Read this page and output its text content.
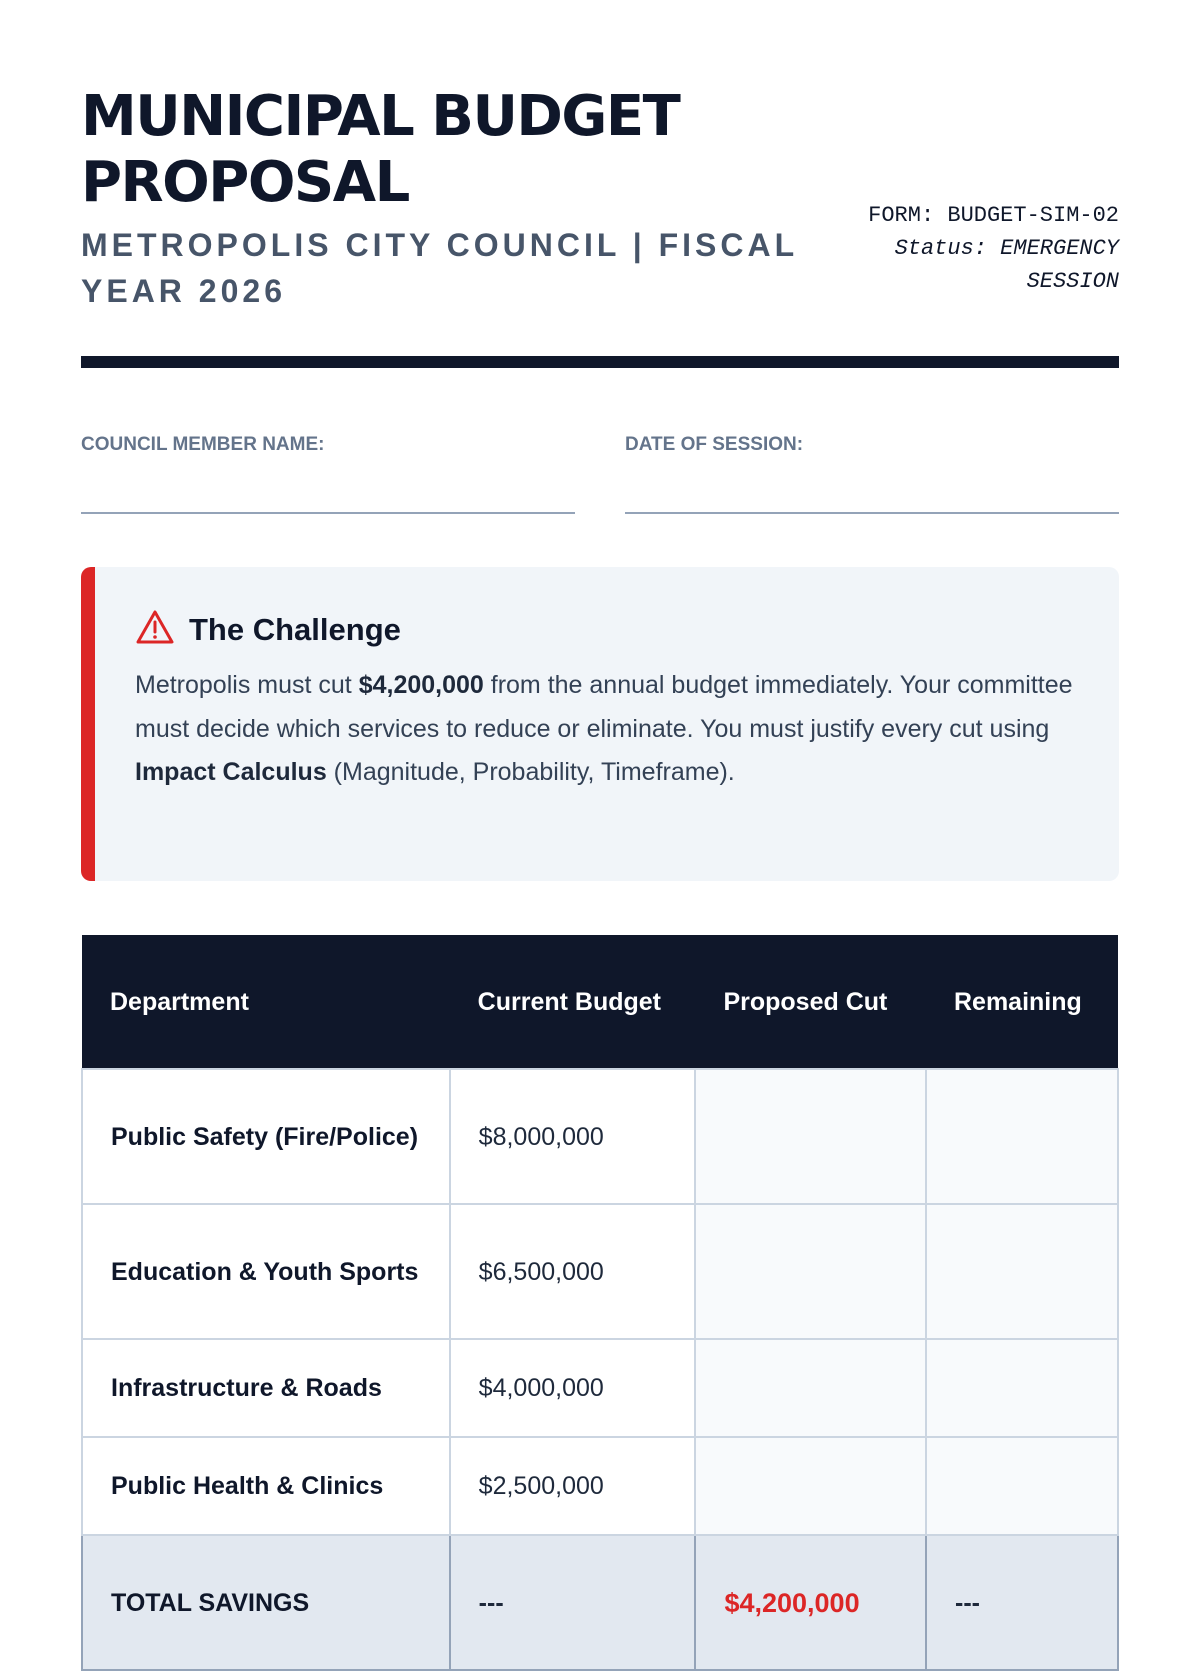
MUNICIPAL BUDGET PROPOSAL
METROPOLIS CITY COUNCIL | FISCAL YEAR 2026
FORM: BUDGET-SIM-02
Status: EMERGENCY SESSION
COUNCIL MEMBER NAME:	DATE OF SESSION:
The Challenge

Metropolis must cut $4,200,000 from the annual budget immediately. Your committee must decide which services to reduce or eliminate. You must justify every cut using Impact Calculus (Magnitude, Probability, Timeframe).

Department	Current Budget	Proposed Cut	Remaining
Public Safety (Fire/Police)	$8,000,000		
Education & Youth Sports	$6,500,000		
Infrastructure & Roads	$4,000,000		
Public Health & Clinics	$2,500,000		
TOTAL SAVINGS	---	$4,200,000	---
